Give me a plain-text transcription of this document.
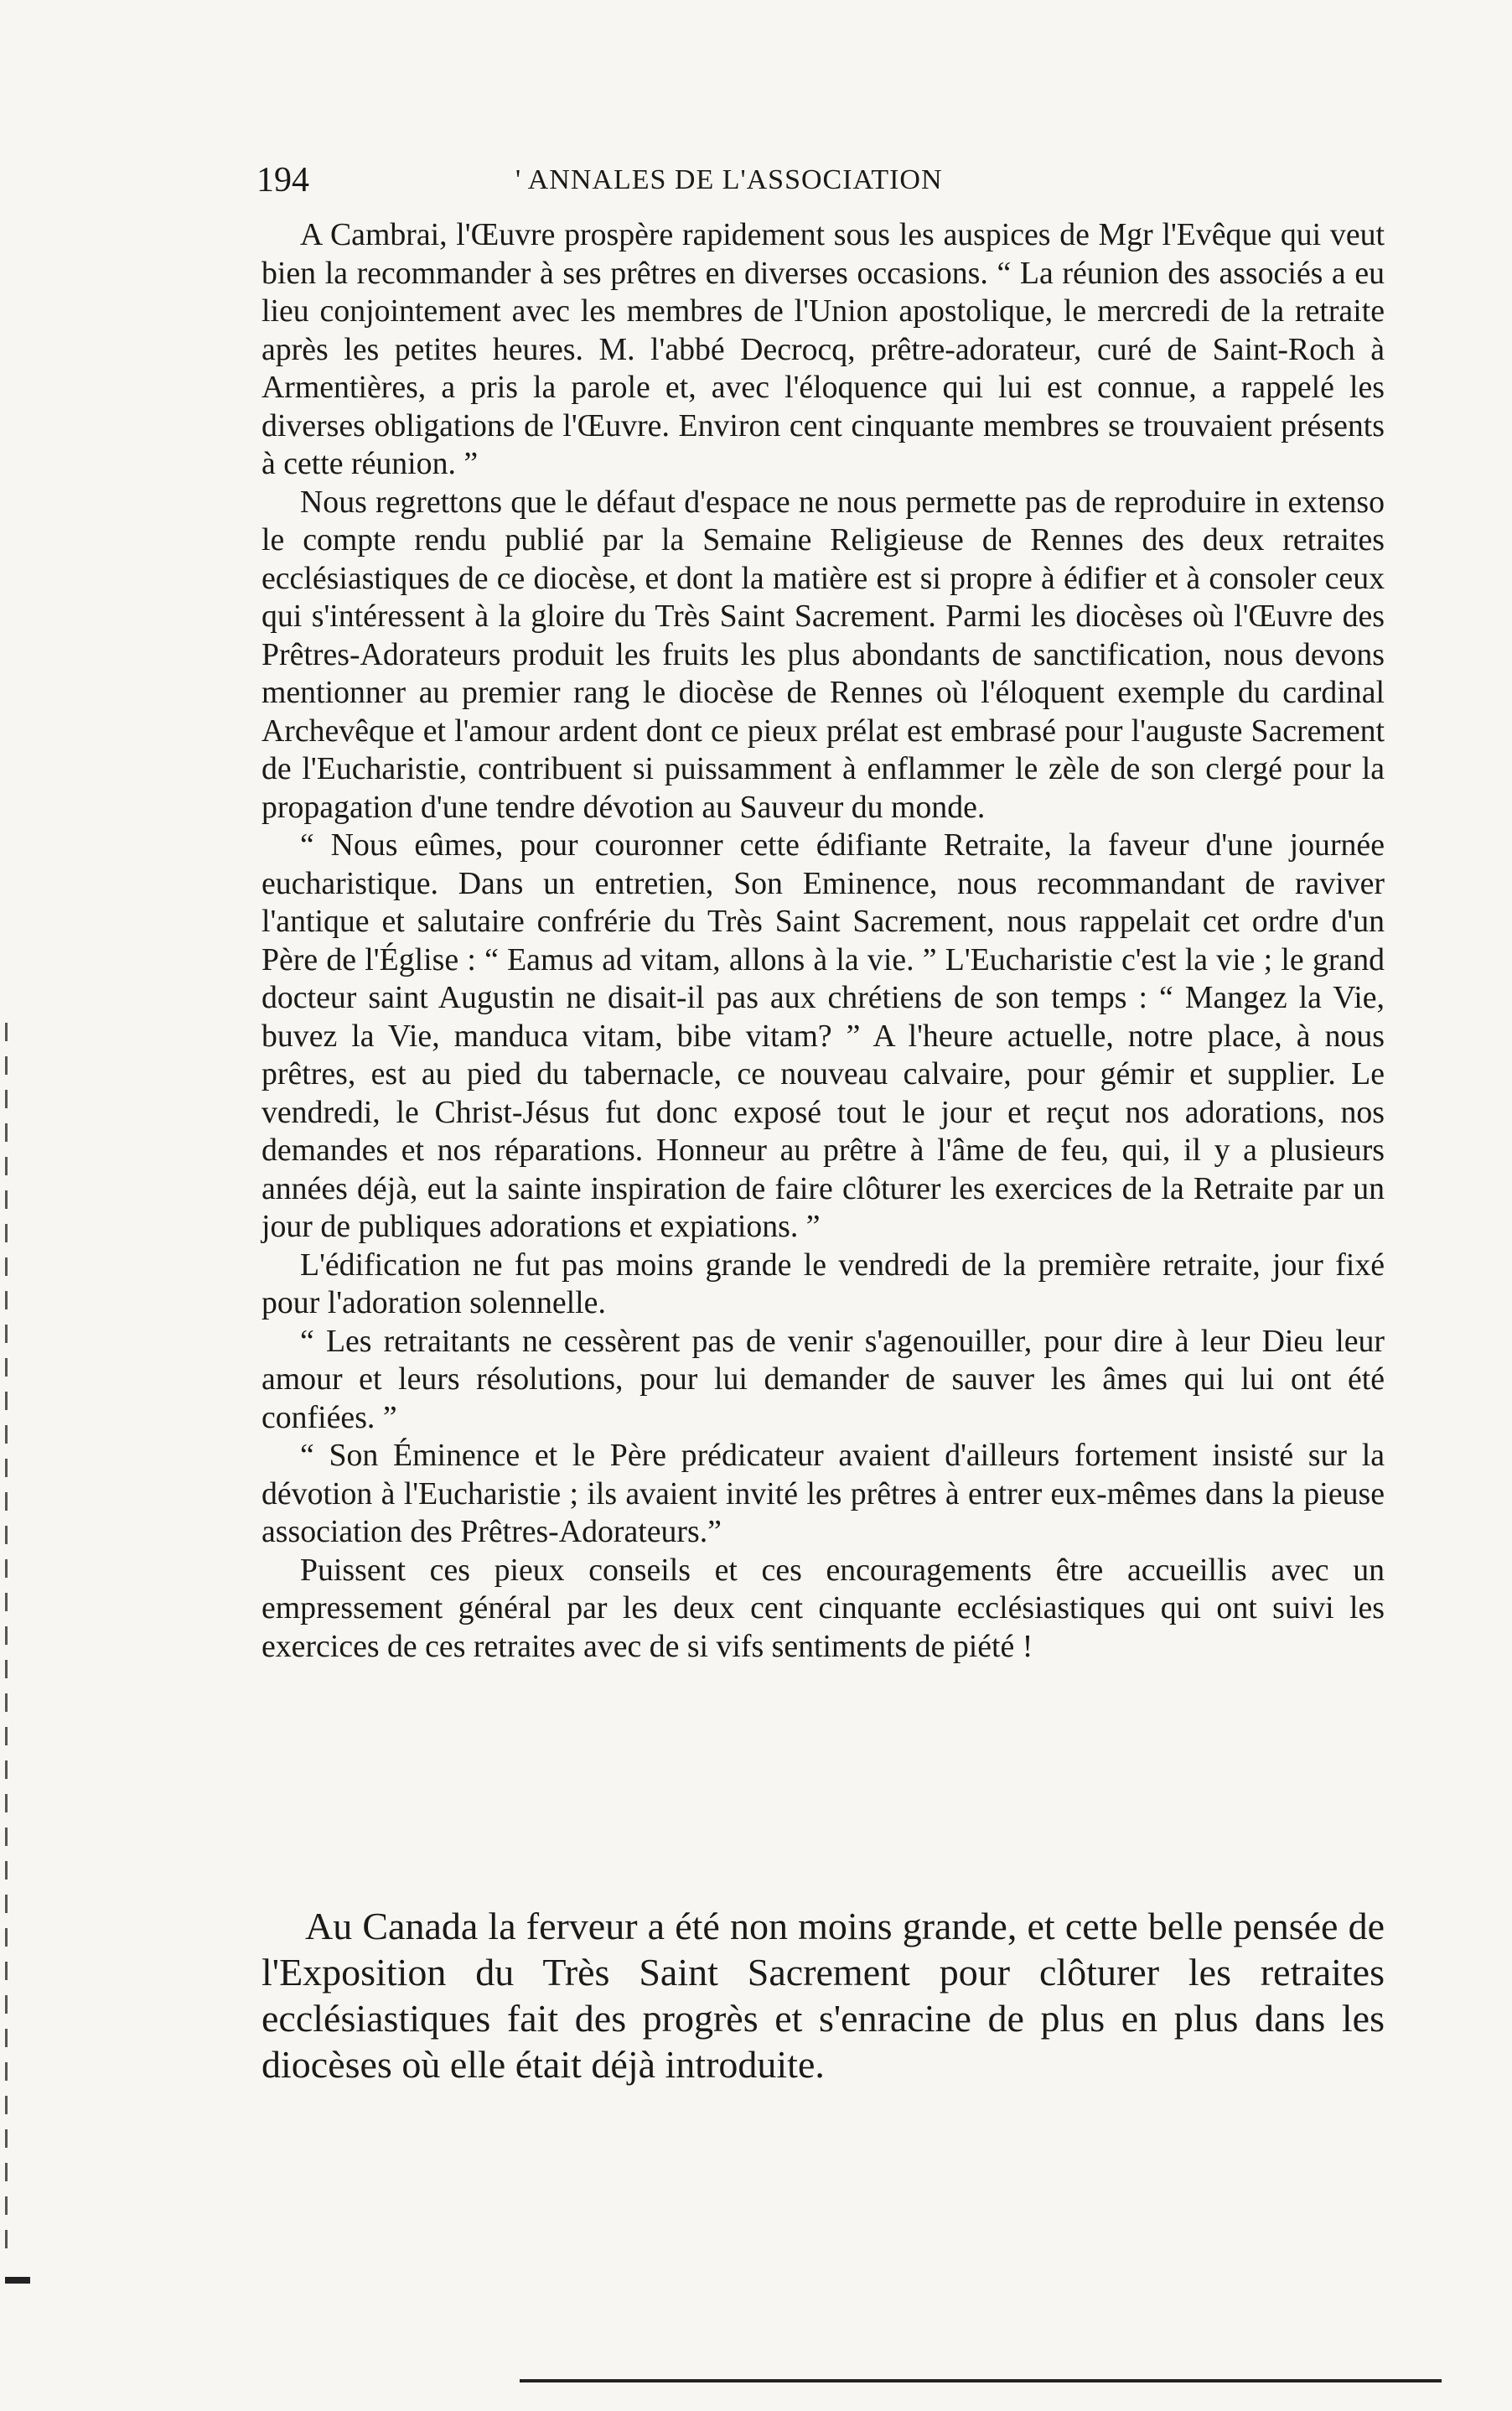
194	' ANNALES DE L'ASSOCIATION

A Cambrai, l'Œuvre prospère rapidement sous les auspices de Mgr l'Evêque qui veut bien la recommander à ses prêtres en diverses occasions. “ La réunion des associés a eu lieu conjointement avec les membres de l'Union apostolique, le mercredi de la retraite après les petites heures. M. l'abbé Decrocq, prêtre-adorateur, curé de Saint-Roch à Armentières, a pris la parole et, avec l'éloquence qui lui est connue, a rappelé les diverses obligations de l'Œuvre. Environ cent cinquante membres se trouvaient présents à cette réunion. ”

Nous regrettons que le défaut d'espace ne nous permette pas de reproduire in extenso le compte rendu publié par la Semaine Religieuse de Rennes des deux retraites ecclésiastiques de ce diocèse, et dont la matière est si propre à édifier et à consoler ceux qui s'intéressent à la gloire du Très Saint Sacrement. Parmi les diocèses où l'Œuvre des Prêtres-Adorateurs produit les fruits les plus abondants de sanctification, nous devons mentionner au premier rang le diocèse de Rennes où l'éloquent exemple du cardinal Archevêque et l'amour ardent dont ce pieux prélat est embrasé pour l'auguste Sacrement de l'Eucharistie, contribuent si puissamment à enflammer le zèle de son clergé pour la propagation d'une tendre dévotion au Sauveur du monde.

“ Nous eûmes, pour couronner cette édifiante Retraite, la faveur d'une journée eucharistique. Dans un entretien, Son Eminence, nous recommandant de raviver l'antique et salutaire confrérie du Très Saint Sacrement, nous rappelait cet ordre d'un Père de l'Église : “ Eamus ad vitam, allons à la vie. ” L'Eucharistie c'est la vie ; le grand docteur saint Augustin ne disait-il pas aux chrétiens de son temps : “ Mangez la Vie, buvez la Vie, manduca vitam, bibe vitam? ” A l'heure actuelle, notre place, à nous prêtres, est au pied du tabernacle, ce nouveau calvaire, pour gémir et supplier. Le vendredi, le Christ-Jésus fut donc exposé tout le jour et reçut nos adorations, nos demandes et nos réparations. Honneur au prêtre à l'âme de feu, qui, il y a plusieurs années déjà, eut la sainte inspiration de faire clôturer les exercices de la Retraite par un jour de publiques adorations et expiations. ”

L'édification ne fut pas moins grande le vendredi de la première retraite, jour fixé pour l'adoration solennelle.

“ Les retraitants ne cessèrent pas de venir s'agenouiller, pour dire à leur Dieu leur amour et leurs résolutions, pour lui demander de sauver les âmes qui lui ont été confiées. ”

“ Son Éminence et le Père prédicateur avaient d'ailleurs fortement insisté sur la dévotion à l'Eucharistie ; ils avaient invité les prêtres à entrer eux-mêmes dans la pieuse association des Prêtres-Adorateurs.”

Puissent ces pieux conseils et ces encouragements être accueillis avec un empressement général par les deux cent cinquante ecclésiastiques qui ont suivi les exercices de ces retraites avec de si vifs sentiments de piété !

Au Canada la ferveur a été non moins grande, et cette belle pensée de l'Exposition du Très Saint Sacrement pour clôturer les retraites ecclésiastiques fait des progrès et s'enracine de plus en plus dans les diocèses où elle était déjà introduite.
